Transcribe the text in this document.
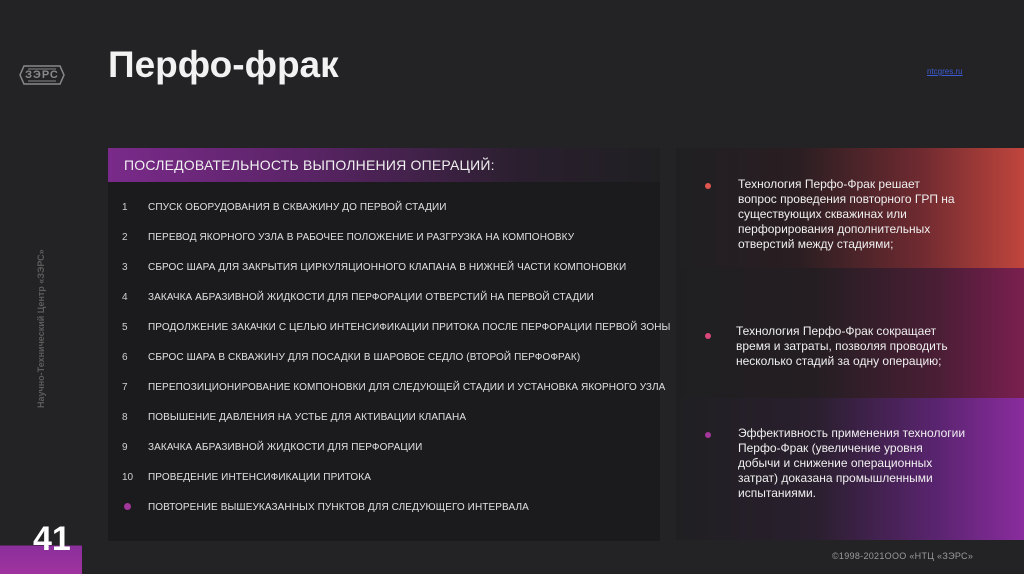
ЗЭРС Перфо-фрак	ntcgres.ru
Научно-Технический Центр «ЗЭРС»
41
ПОСЛЕДОВАТЕЛЬНОСТЬ ВЫПОЛНЕНИЯ ОПЕРАЦИЙ:
1 СПУСК ОБОРУДОВАНИЯ В СКВАЖИНУ ДО ПЕРВОЙ СТАДИИ
2 ПЕРЕВОД ЯКОРНОГО УЗЛА В РАБОЧЕЕ ПОЛОЖЕНИЕ И РАЗГРУЗКА НА КОМПОНОВКУ
3 СБРОС ШАРА ДЛЯ ЗАКРЫТИЯ ЦИРКУЛЯЦИОННОГО КЛАПАНА В НИЖНЕЙ ЧАСТИ КОМПОНОВКИ
4 ЗАКАЧКА АБРАЗИВНОЙ ЖИДКОСТИ ДЛЯ ПЕРФОРАЦИИ ОТВЕРСТИЙ НА ПЕРВОЙ СТАДИИ
5 ПРОДОЛЖЕНИЕ ЗАКАЧКИ С ЦЕЛЬЮ ИНТЕНСИФИКАЦИИ ПРИТОКА ПОСЛЕ ПЕРФОРАЦИИ ПЕРВОЙ ЗОНЫ
6 СБРОС ШАРА В СКВАЖИНУ ДЛЯ ПОСАДКИ В ШАРОВОЕ СЕДЛО (ВТОРОЙ ПЕРФОФРАК)
7 ПЕРЕПОЗИЦИОНИРОВАНИЕ КОМПОНОВКИ ДЛЯ СЛЕДУЮЩЕЙ СТАДИИ И УСТАНОВКА ЯКОРНОГО УЗЛА
8 ПОВЫШЕНИЕ ДАВЛЕНИЯ НА УСТЬЕ ДЛЯ АКТИВАЦИИ КЛАПАНА
9 ЗАКАЧКА АБРАЗИВНОЙ ЖИДКОСТИ ДЛЯ ПЕРФОРАЦИИ
10 ПРОВЕДЕНИЕ ИНТЕНСИФИКАЦИИ ПРИТОКА
ПОВТОРЕНИЕ ВЫШЕУКАЗАННЫХ ПУНКТОВ ДЛЯ СЛЕДУЮЩЕГО ИНТЕРВАЛА
Технология Перфо-Фрак решает
вопрос проведения повторного ГРП на
существующих скважинах или
перфорирования дополнительных
отверстий между стадиями;
Технология Перфо-Фрак сокращает
время и затраты, позволяя проводить
несколько стадий за одну операцию;
Эффективность применения технологии
Перфо-Фрак (увеличение уровня
добычи и снижение операционных
затрат) доказана промышленными
испытаниями.
©1998-2021ООО «НТЦ «ЗЭРС»
